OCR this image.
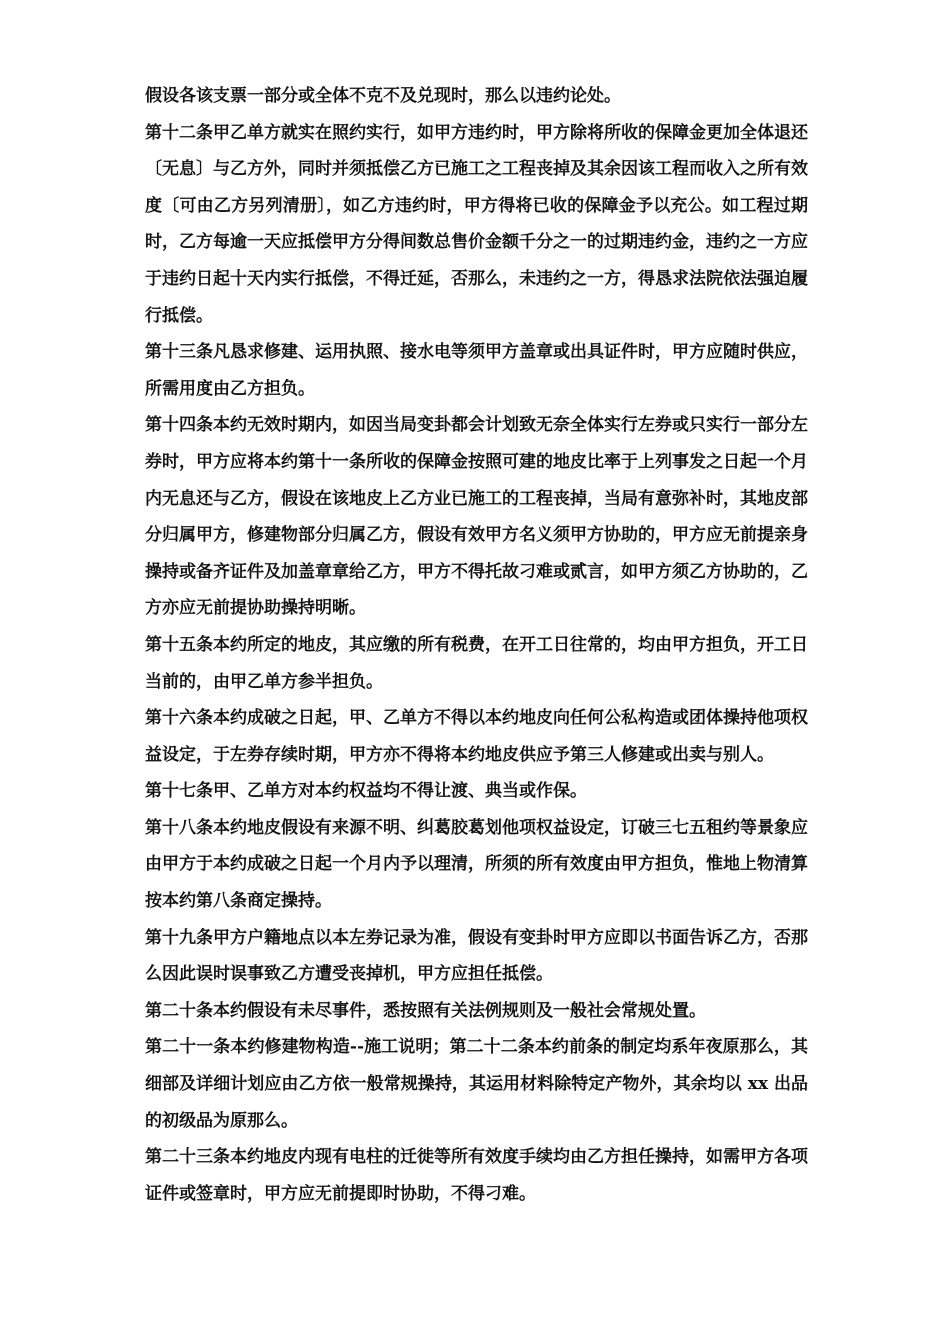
假设各该支票一部分或全体不克不及兑现时，那么以违约论处。

第十二条甲乙单方就实在照约实行，如甲方违约时，甲方除将所收的保障金更加全体退还〔无息〕与乙方外，同时并须抵偿乙方已施工之工程丧掉及其余因该工程而收入之所有效度〔可由乙方另列清册〕，如乙方违约时，甲方得将已收的保障金予以充公。如工程过期时，乙方每逾一天应抵偿甲方分得间数总售价金额千分之一的过期违约金，违约之一方应于违约日起十天内实行抵偿，不得迁延，否那么，未违约之一方，得恳求法院依法强迫履行抵偿。

第十三条凡恳求修建、运用执照、接水电等须甲方盖章或出具证件时，甲方应随时供应，所需用度由乙方担负。

第十四条本约无效时期内，如因当局变卦都会计划致无奈全体实行左券或只实行一部分左券时，甲方应将本约第十一条所收的保障金按照可建的地皮比率于上列事发之日起一个月内无息还与乙方，假设在该地皮上乙方业已施工的工程丧掉，当局有意弥补时，其地皮部分归属甲方，修建物部分归属乙方，假设有效甲方名义须甲方协助的，甲方应无前提亲身操持或备齐证件及加盖章章给乙方，甲方不得托故刁难或贰言，如甲方须乙方协助的，乙方亦应无前提协助操持明晰。

第十五条本约所定的地皮，其应缴的所有税费，在开工日往常的，均由甲方担负，开工日当前的，由甲乙单方参半担负。

第十六条本约成破之日起，甲、乙单方不得以本约地皮向任何公私构造或团体操持他项权益设定，于左券存续时期，甲方亦不得将本约地皮供应予第三人修建或出卖与别人。

第十七条甲、乙单方对本约权益均不得让渡、典当或作保。

第十八条本约地皮假设有来源不明、纠葛胶葛划他项权益设定，订破三七五租约等景象应由甲方于本约成破之日起一个月内予以理清，所须的所有效度由甲方担负，惟地上物清算按本约第八条商定操持。

第十九条甲方户籍地点以本左券记录为准，假设有变卦时甲方应即以书面告诉乙方，否那么因此误时误事致乙方遭受丧掉机，甲方应担任抵偿。

第二十条本约假设有未尽事件，悉按照有关法例规则及一般社会常规处置。

第二十一条本约修建物构造--施工说明；第二十二条本约前条的制定均系年夜原那么，其细部及详细计划应由乙方依一般常规操持，其运用材料除特定产物外，其余均以 xx 出品的初级品为原那么。

第二十三条本约地皮内现有电柱的迁徙等所有效度手续均由乙方担任操持，如需甲方各项证件或签章时，甲方应无前提即时协助，不得刁难。
